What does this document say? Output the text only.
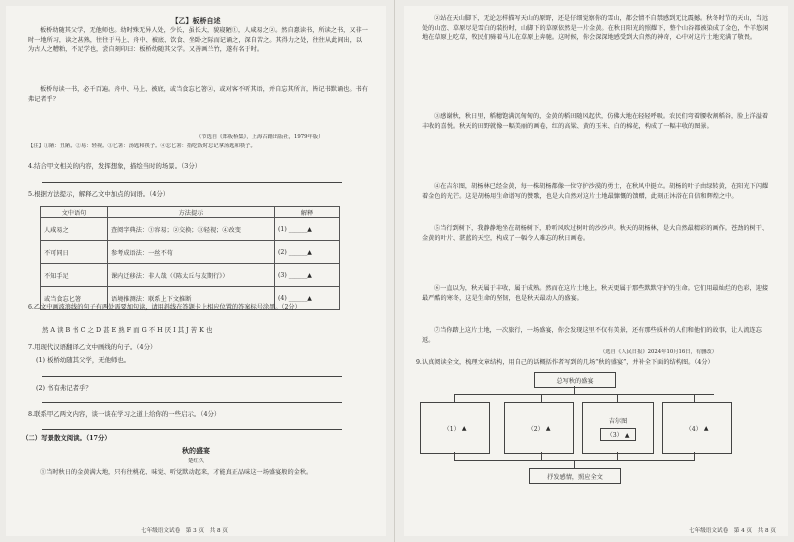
【乙】板桥自述
板桥幼随其父学，无他师也。幼时殊无异人处，少长，虽长大，貌寝陋①，人咸易之②。然自憙读书，所读之书，又非一时一地所习，读之甚熟，往往于马上、舟中、被底、饮食、坐卧之际而记诵之，深自苦之。其得力之处，往往从此间出，以为古人之糟粕，不足学也，尝自刻印曰：板桥幼随其父学。又善画兰竹，遂有名于时。
板桥每读一书，必千百遍。舟中、马上、被底，或当食忘匕箸②，或对客不听其语，并自忘其所言，皆记书默诵也。书有弗记者乎？
（节选自《郑板桥集》，上海古籍出版社，1979年版）
【注】①陋：丑陋。②易：轻视。③匕箸：汤匙和筷子。④忘匕箸：指吃饭时忘记拿汤匙和筷子。
4.结合甲文相关的内容，发挥想象，描绘当时的场景。（3分）
5.根据方法提示，解释乙文中加点的词语。（4分）
文中语句	方法提示	解释
人咸易之	查阅字典法：①容易；②交换；③轻视；④改变	(1) ______▲
不可同日	参考成语法：一丝不苟	(2) ______▲
不知手足	课内迁移法：非人哉（《陈太丘与友期行》）	(3) ______▲
或当食忘匕箸	语境推测法：联系上下文推断	(4) ______▲
6.乙文中画波浪线的句子有两处需要加句读，请用斜线在答题卡上相应位置的答案标号涂黑。（2分）
然 A 读 B 书 C 之 D 甚 E 熟 F 而 G 不 H 厌 I 其 J 苦 K 也
7.用现代汉语翻译乙文中画线的句子。（4分）
(1) 板桥幼随其父学，无他师也。
(2) 书有弗记者乎？
8.联系甲乙两文内容，谈一谈在学习之道上给你的一些启示。（4分）
（二）写景散文阅读。（17分）
秋的盛宴
楚红久
①当时秋日的金黄满大地，只有往桃花、味觉、听觉默动起来，才能真正品味这一场盛宴般的金秋。
七年级语文试卷　第 3 页　共 8 页
②站在天山脚下，无论怎样描写天山的原野，还是仔细觉察你的雪山，都会情不自禁感到无比震撼。秋冬时节的天山，当远处的山峦、草原尽是雪白的装扮时，山脚下的草原依然是一片金黄。在秋日阳光的照耀下，整个山谷都被染成了金色，牛羊悠闲地在草原上吃草，牧民们骑着马儿在草原上奔驰。这时候，你会深深地感受到大自然的神奇，心中对这片土地充满了敬畏。
③感谢秋，秋日里，稻穗饱满沉甸甸的，金黄的稻田随风起伏，仿佛大地在轻轻呼吸。农民们弯着腰收割稻谷，脸上洋溢着丰收的喜悦。秋天的田野就像一幅美丽的画卷，红的高粱、黄的玉米、白的棉花，构成了一幅丰收的图景。
④在吉尔图，胡杨林已经金黄，每一株胡杨都像一位守护沙漠的勇士，在秋风中挺立。胡杨的叶子由绿转黄，在阳光下闪耀着金色的光芒。这是胡杨用生命谱写的赞歌，也是大自然对这片土地最慷慨的馈赠，此刻正沐浴在自信和辉煌之中。
⑤当行到树下，我静静地坐在胡杨树下，聆听风吹过树叶的沙沙声。秋天的胡杨林，是大自然最精彩的画作。苍劲的树干、金黄的叶片、湛蓝的天空，构成了一幅令人难忘的秋日画卷。
⑥一直以为，秋天属于丰收，属于成熟。然而在这片土地上，秋天更属于那些默默守护的生命。它们用最灿烂的色彩，迎接最严酷的寒冬，这是生命的坚韧，也是秋天最动人的盛宴。
⑦当你踏上这片土地，一次旅行，一场盛宴，你会发现这里不仅有美景，还有那些质朴的人们和他们的故事，让人流连忘返。
（选自《人民日报》2024年10月16日，有删改）
9.认真阅读全文，梳理文章结构，用自己的话概括作者写到的几场“秋的盛宴”，并补全下面的结构图。（4分）
总写秋的盛宴
（1）
▲	（2）
▲
吉尔图
（3） ▲
（4）
▲
抒发感情，照应全文
七年级语文试卷　第 4 页　共 8 页
